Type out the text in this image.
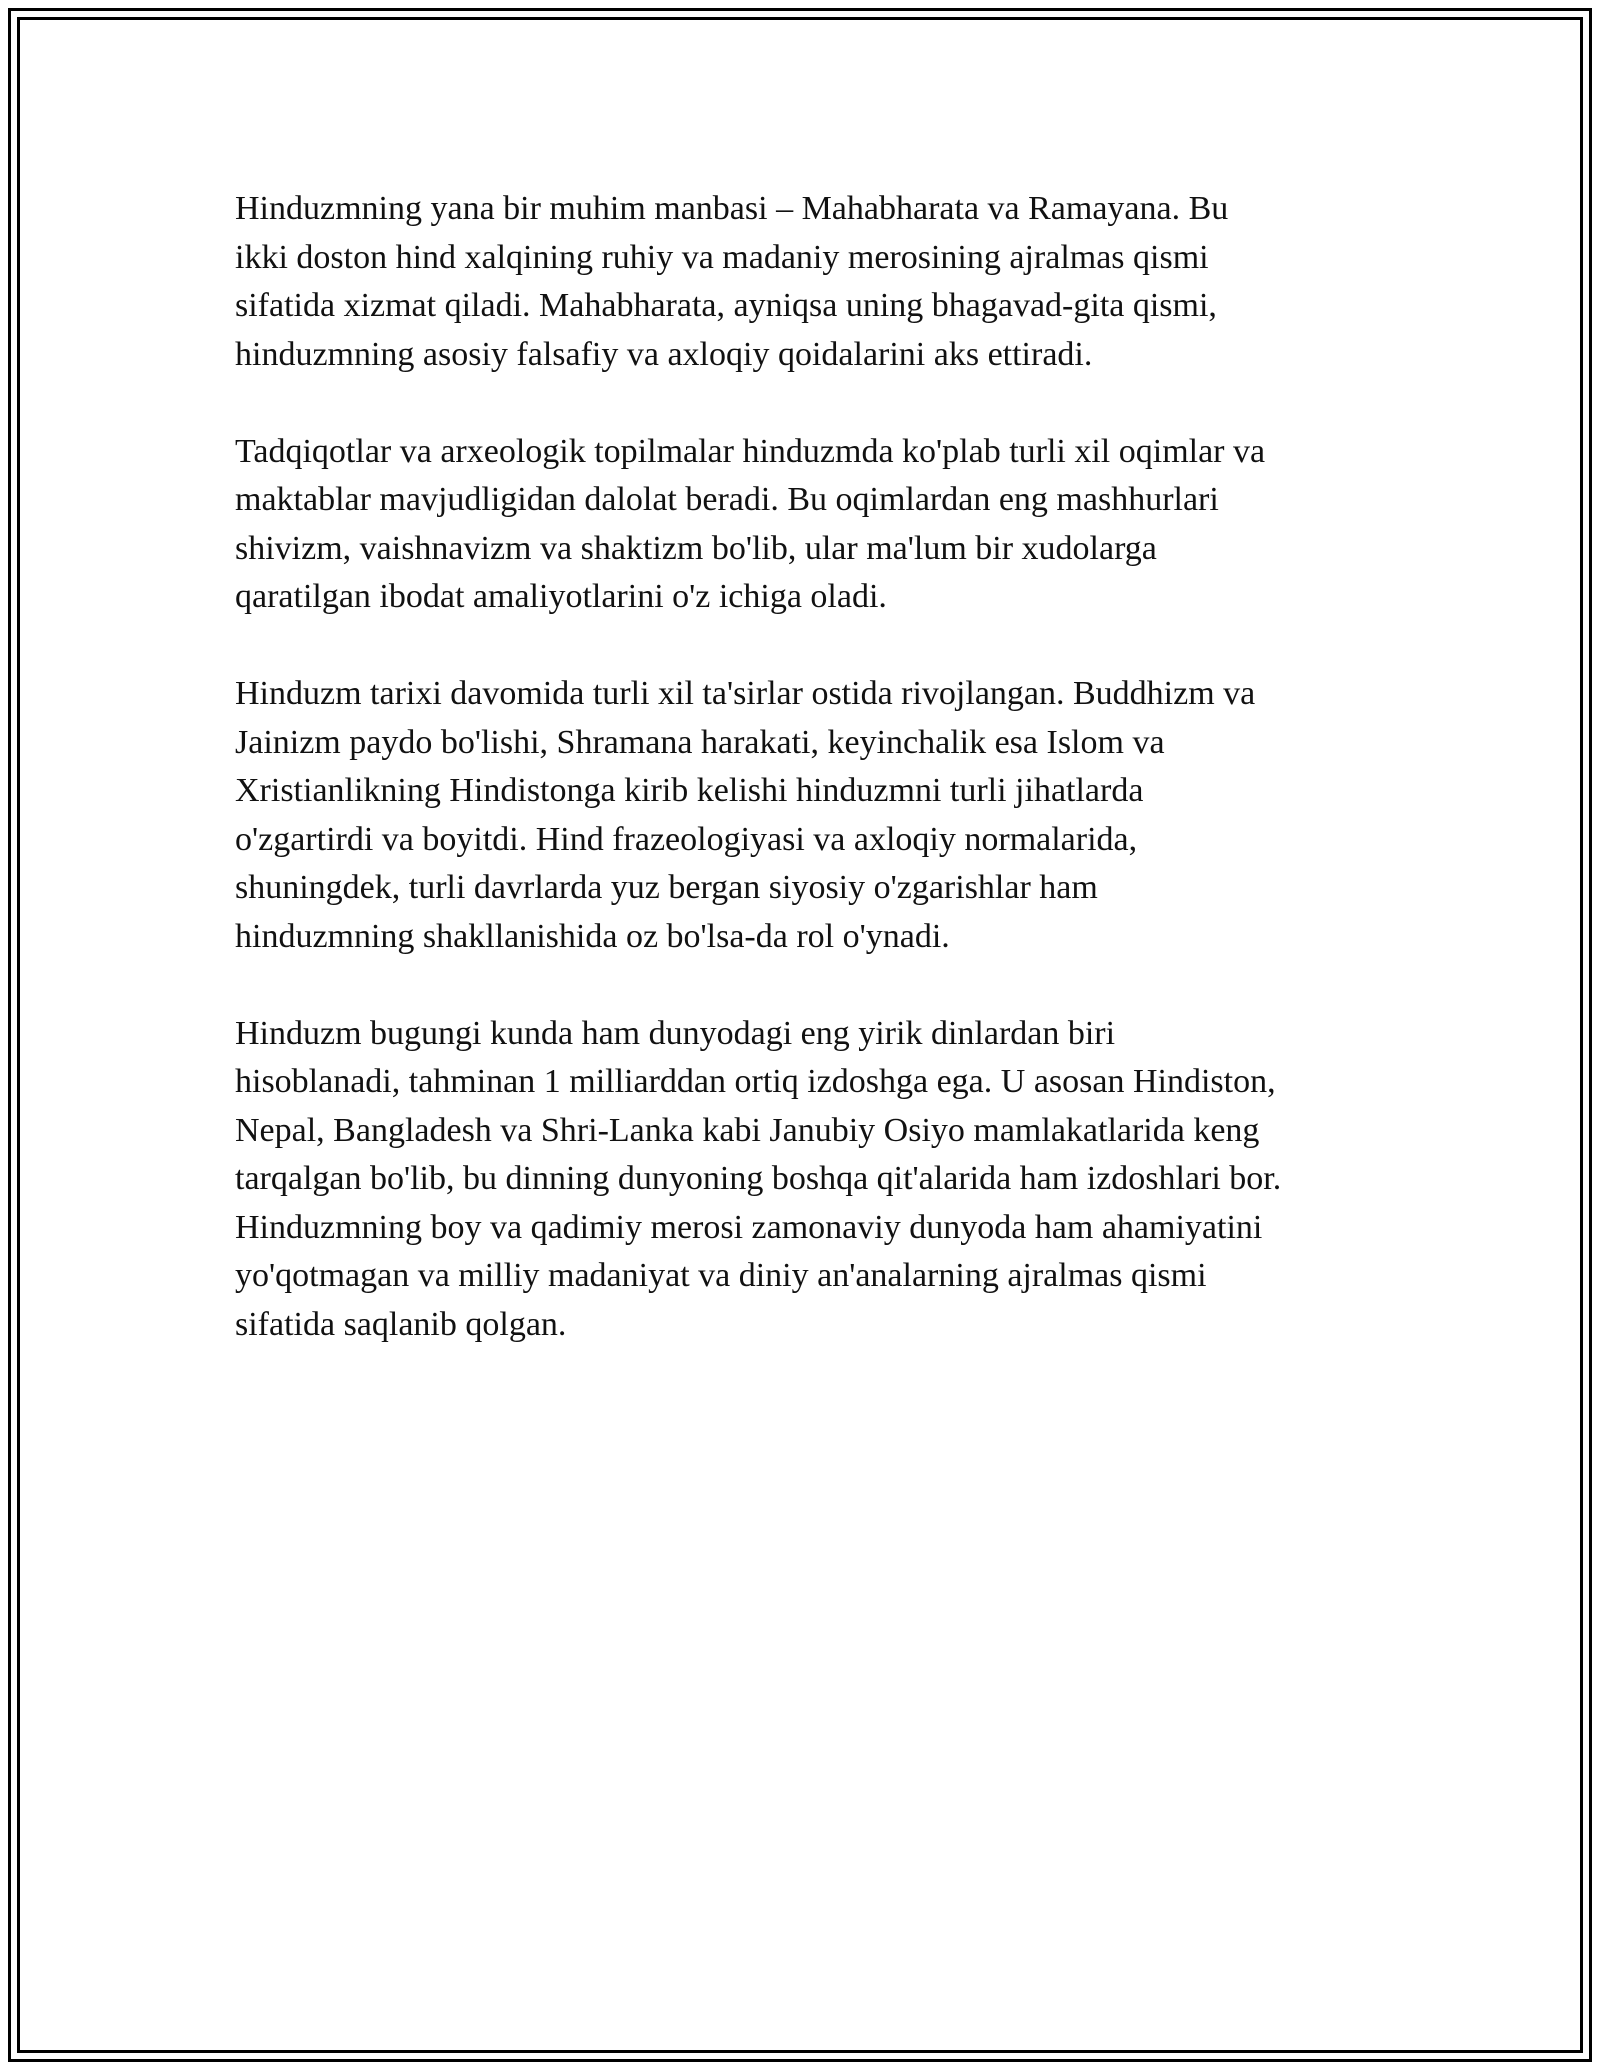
Hinduzmning yana bir muhim manbasi – Mahabharata va Ramayana. Bu
ikki doston hind xalqining ruhiy va madaniy merosining ajralmas qismi
sifatida xizmat qiladi. Mahabharata, ayniqsa uning bhagavad-gita qismi,
hinduzmning asosiy falsafiy va axloqiy qoidalarini aks ettiradi.

Tadqiqotlar va arxeologik topilmalar hinduzmda ko'plab turli xil oqimlar va
maktablar mavjudligidan dalolat beradi. Bu oqimlardan eng mashhurlari
shivizm, vaishnavizm va shaktizm bo'lib, ular ma'lum bir xudolarga
qaratilgan ibodat amaliyotlarini o'z ichiga oladi.

Hinduzm tarixi davomida turli xil ta'sirlar ostida rivojlangan. Buddhizm va
Jainizm paydo bo'lishi, Shramana harakati, keyinchalik esa Islom va
Xristianlikning Hindistonga kirib kelishi hinduzmni turli jihatlarda
o'zgartirdi va boyitdi. Hind frazeologiyasi va axloqiy normalarida,
shuningdek, turli davrlarda yuz bergan siyosiy o'zgarishlar ham
hinduzmning shakllanishida oz bo'lsa-da rol o'ynadi.

Hinduzm bugungi kunda ham dunyodagi eng yirik dinlardan biri
hisoblanadi, tahminan 1 milliarddan ortiq izdoshga ega. U asosan Hindiston,
Nepal, Bangladesh va Shri-Lanka kabi Janubiy Osiyo mamlakatlarida keng
tarqalgan bo'lib, bu dinning dunyoning boshqa qit'alarida ham izdoshlari bor.
Hinduzmning boy va qadimiy merosi zamonaviy dunyoda ham ahamiyatini
yo'qotmagan va milliy madaniyat va diniy an'analarning ajralmas qismi
sifatida saqlanib qolgan.
